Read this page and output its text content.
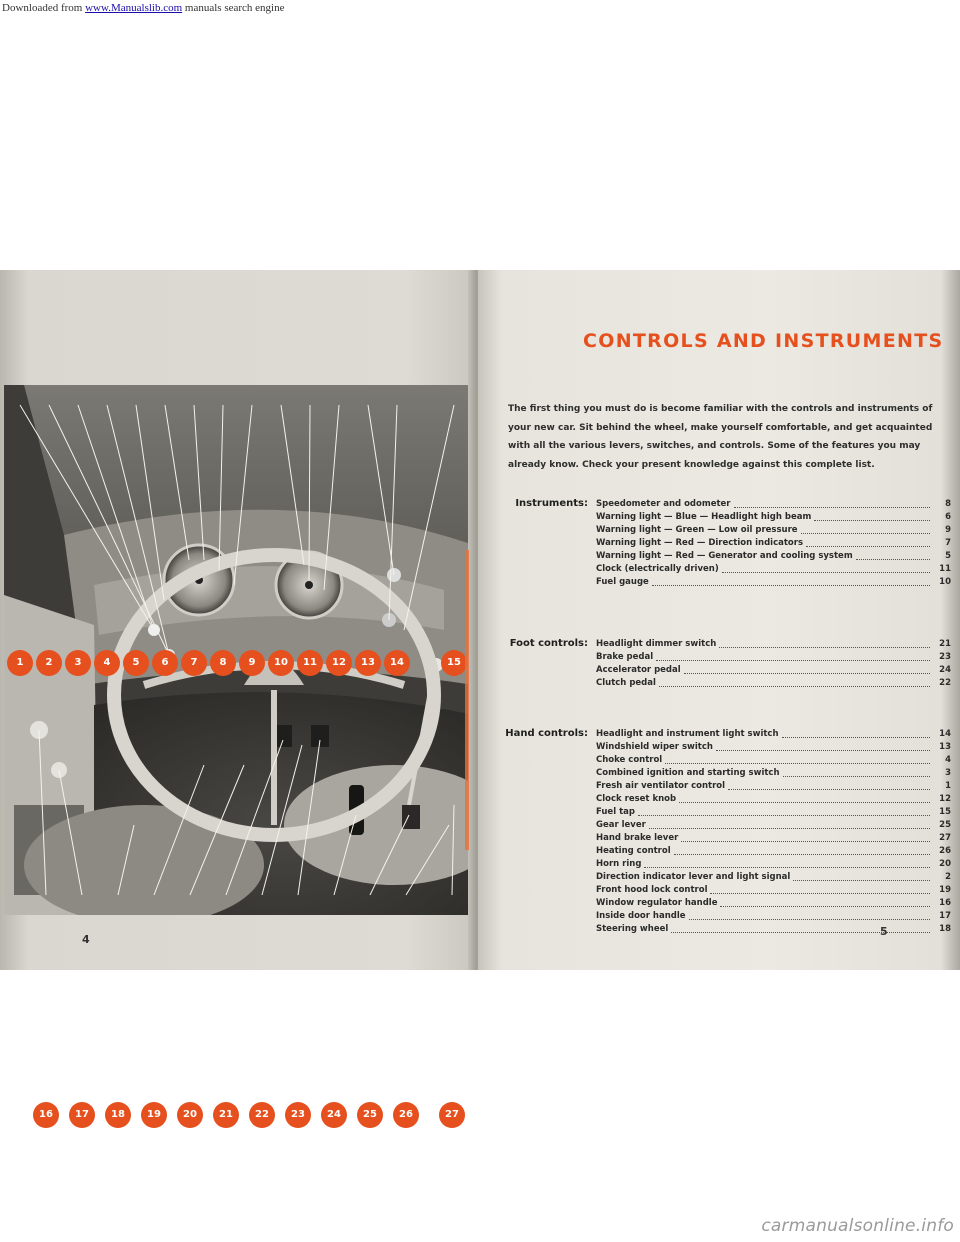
Downloaded from www.Manualslib.com manuals search engine
1	2	3	4	5	6	7	8	9	10	11	12	13	14	15
16	17	18	19	20	21	22	23	24	25	26	27
4
CONTROLS AND INSTRUMENTS
The first thing you must do is become familiar with the controls and instruments of your new car. Sit behind the wheel, make yourself comfortable, and get acquainted with all the various levers, switches, and controls. Some of the features you may already know. Check your present knowledge against this complete list.
Instruments: Speedometer and odometer	8
Warning light — Blue — Headlight high beam	6
Warning light — Green — Low oil pressure	9
Warning light — Red — Direction indicators	7
Warning light — Red — Generator and cooling system	5
Clock (electrically driven)	11
Fuel gauge	10
Foot controls: Headlight dimmer switch	21
Brake pedal	23
Accelerator pedal	24
Clutch pedal	22
Hand controls: Headlight and instrument light switch	14
Windshield wiper switch	13
Choke control	4
Combined ignition and starting switch	3
Fresh air ventilator control	1
Clock reset knob	12
Fuel tap	15
Gear lever	25
Hand brake lever	27
Heating control	26
Horn ring	20
Direction indicator lever and light signal	2
Front hood lock control	19
Window regulator handle	16
Inside door handle	17
Steering wheel	18
5
carmanualsonline.info
